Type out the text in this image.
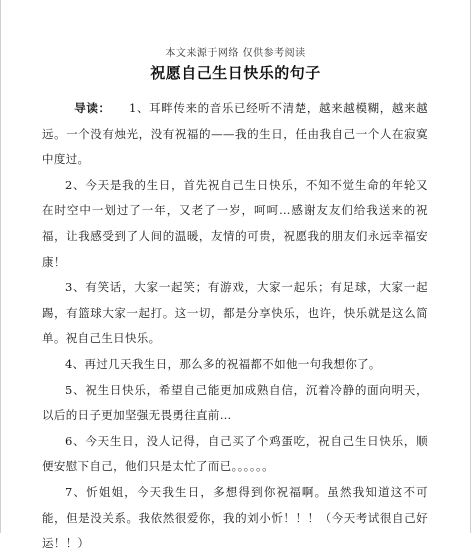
本文来源于网络 仅供参考阅读
祝愿自己生日快乐的句子

导读： 1、耳畔传来的音乐已经听不清楚，越来越模糊，越来越远。一个没有烛光，没有祝福的——我的生日，任由我自己一个人在寂寞中度过。

2、今天是我的生日，首先祝自己生日快乐，不知不觉生命的年轮又在时空中一划过了一年，又老了一岁，呵呵…感谢友友们给我送来的祝福，让我感受到了人间的温暖，友情的可贵，祝愿我的朋友们永远幸福安康！

3、有笑话，大家一起笑；有游戏，大家一起乐；有足球，大家一起踢，有篮球大家一起打。这一切，都是分享快乐，也许，快乐就是这么简单。祝自己生日快乐。

4、再过几天我生日，那么多的祝福都不如他一句我想你了。

5、祝生日快乐，希望自己能更加成熟自信，沉着冷静的面向明天，以后的日子更加坚强无畏勇往直前…

6、今天生日，没人记得，自己买了个鸡蛋吃，祝自己生日快乐，顺便安慰下自己，他们只是太忙了而已。。。。。。

7、忻姐姐，今天我生日，多想得到你祝福啊。虽然我知道这不可能，但是没关系。我依然很爱你，我的刘小忻！！！（今天考试很自己好运！！）
